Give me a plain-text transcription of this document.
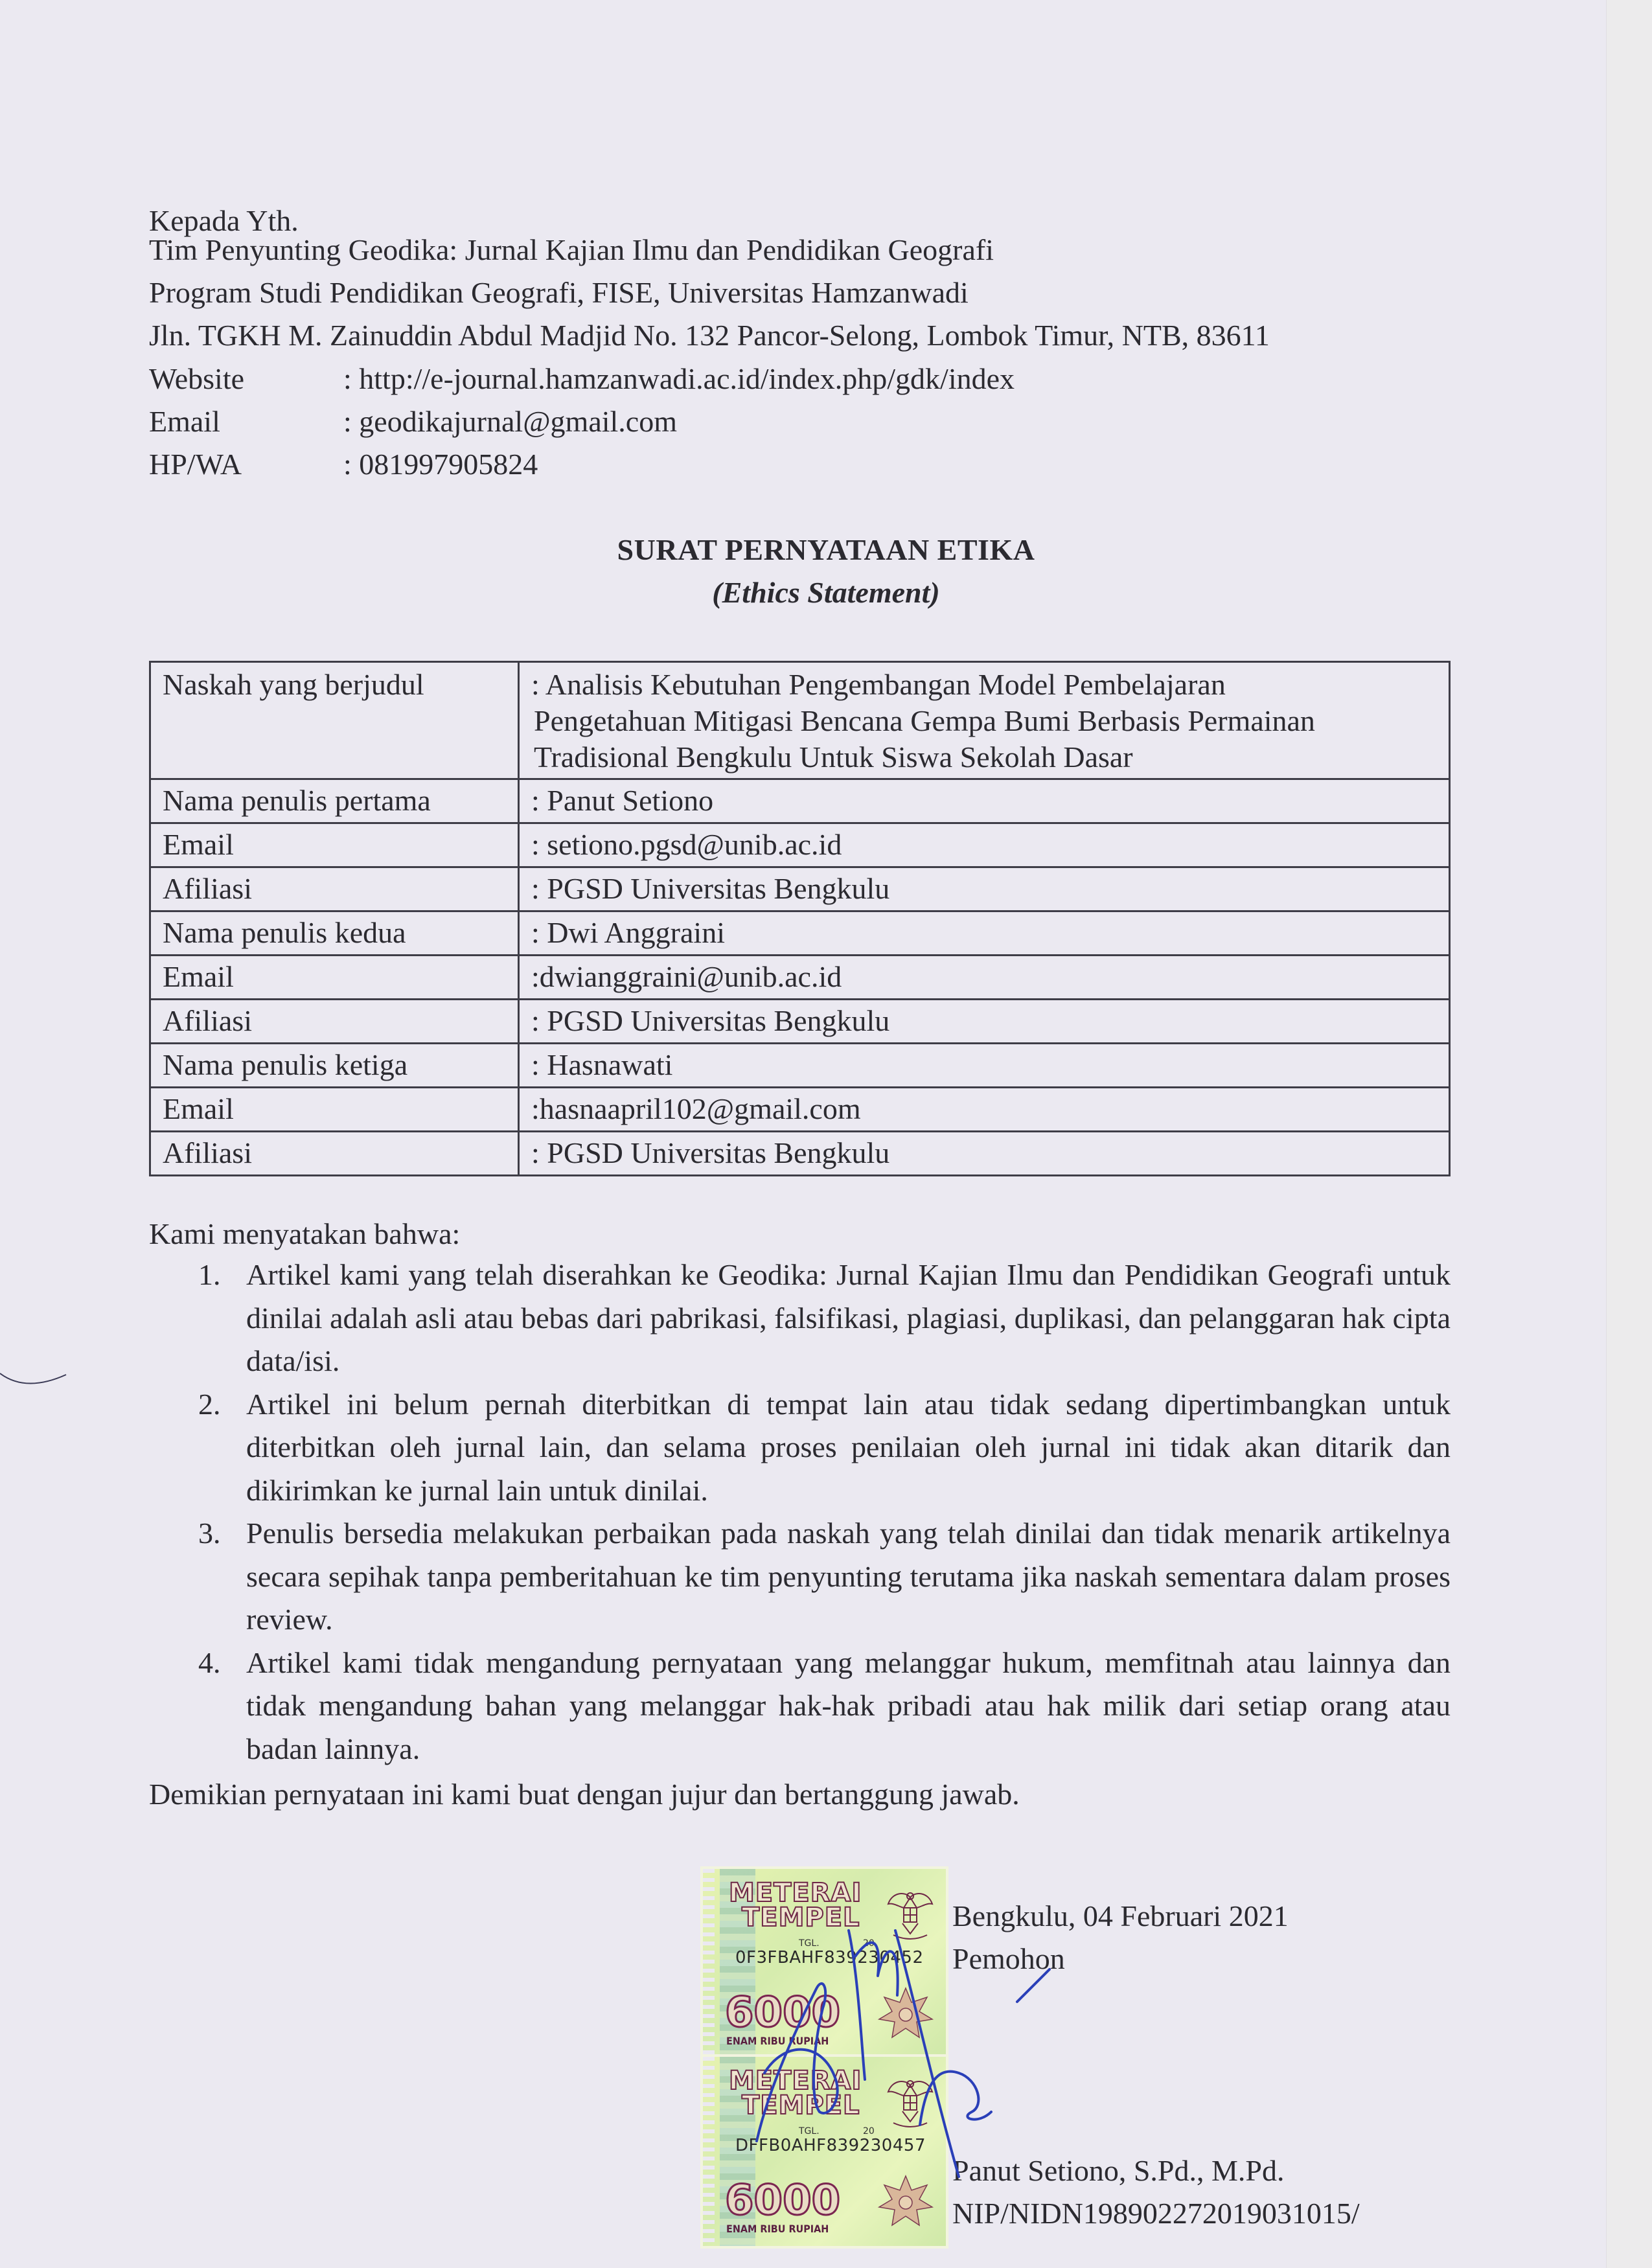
Kepada Yth.
Tim Penyunting Geodika: Jurnal Kajian Ilmu dan Pendidikan Geografi
Program Studi Pendidikan Geografi, FISE, Universitas Hamzanwadi
Jln. TGKH M. Zainuddin Abdul Madjid No. 132 Pancor-Selong, Lombok Timur, NTB, 83611
Website	: http://e-journal.hamzanwadi.ac.id/index.php/gdk/index
Email	: geodikajurnal@gmail.com
HP/WA	: 081997905824
SURAT PERNYATAAN ETIKA
(Ethics Statement)
Naskah yang berjudul	: Analisis Kebutuhan Pengembangan Model Pembelajaran
Pengetahuan Mitigasi Bencana Gempa Bumi Berbasis Permainan
Tradisional Bengkulu Untuk Siswa Sekolah Dasar

Nama penulis pertama	: Panut Setiono
Email	: setiono.pgsd@unib.ac.id
Afiliasi	: PGSD Universitas Bengkulu
Nama penulis kedua	: Dwi Anggraini
Email	:dwianggraini@unib.ac.id
Afiliasi	: PGSD Universitas Bengkulu
Nama penulis ketiga	: Hasnawati
Email	:hasnaapril102@gmail.com
Afiliasi	: PGSD Universitas Bengkulu
Kami menyatakan bahwa:
1. Artikel kami yang telah diserahkan ke Geodika: Jurnal Kajian Ilmu dan Pendidikan Geografi untuk dinilai adalah asli atau bebas dari pabrikasi, falsifikasi, plagiasi, duplikasi, dan pelanggaran hak cipta data/isi.
2. Artikel ini belum pernah diterbitkan di tempat lain atau tidak sedang dipertimbangkan untuk diterbitkan oleh jurnal lain, dan selama proses penilaian oleh jurnal ini tidak akan ditarik dan dikirimkan ke jurnal lain untuk dinilai.
3. Penulis bersedia melakukan perbaikan pada naskah yang telah dinilai dan tidak menarik artikelnya secara sepihak tanpa pemberitahuan ke tim penyunting terutama jika naskah sementara dalam proses review.
4. Artikel kami tidak mengandung pernyataan yang melanggar hukum, memfitnah atau lainnya dan tidak mengandung bahan yang melanggar hak-hak pribadi atau hak milik dari setiap orang atau badan lainnya.
Demikian pernyataan ini kami buat dengan jujur dan bertanggung jawab.
METERAI
TEMPEL
TGL.	20
0F3FBAHF839230452
6000
ENAM RIBU RUPIAH
METERAI
TEMPEL
TGL.	20
DFFB0AHF839230457
6000
ENAM RIBU RUPIAH
Bengkulu, 04 Februari 2021
Pemohon
Panut Setiono, S.Pd., M.Pd.
NIP/NIDN198902272019031015/
